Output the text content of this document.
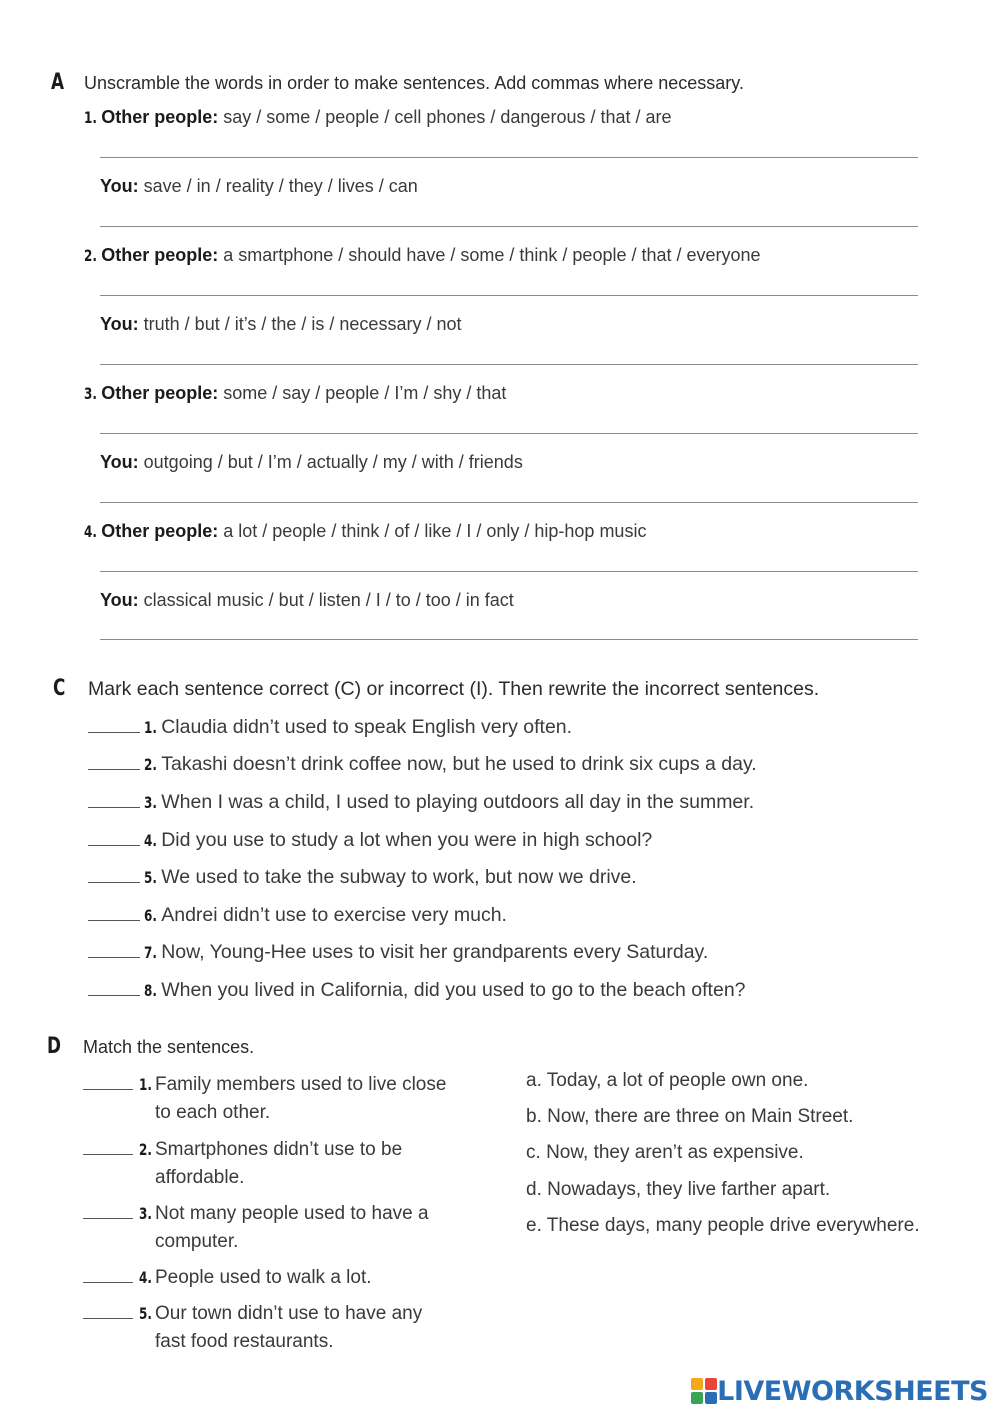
A Unscramble the words in order to make sentences. Add commas where necessary.
1. Other people: say / some / people / cell phones / dangerous / that / are
You: save / in / reality / they / lives / can
2. Other people: a smartphone / should have / some / think / people / that / everyone
You: truth / but / it’s / the / is / necessary / not
3. Other people: some / say / people / I’m / shy / that
You: outgoing / but / I’m / actually / my / with / friends
4. Other people: a lot / people / think / of / like / I / only / hip-hop music
You: classical music / but / listen / I / to / too / in fact
C Mark each sentence correct (C) or incorrect (I). Then rewrite the incorrect sentences.
1. Claudia didn’t used to speak English very often.
2. Takashi doesn’t drink coffee now, but he used to drink six cups a day.
3. When I was a child, I used to playing outdoors all day in the summer.
4. Did you use to study a lot when you were in high school?
5. We used to take the subway to work, but now we drive.
6. Andrei didn’t use to exercise very much.
7. Now, Young-Hee uses to visit her grandparents every Saturday.
8. When you lived in California, did you used to go to the beach often?
D Match the sentences.
1. Family members used to live close
to each other.
2. Smartphones didn’t use to be
affordable.
3. Not many people used to have a
computer.
4. People used to walk a lot.
5. Our town didn’t use to have any
fast food restaurants.
a. Today, a lot of people own one.
b. Now, there are three on Main Street.
c. Now, they aren’t as expensive.
d. Nowadays, they live farther apart.
e. These days, many people drive everywhere.
LIVEWORKSHEETS
